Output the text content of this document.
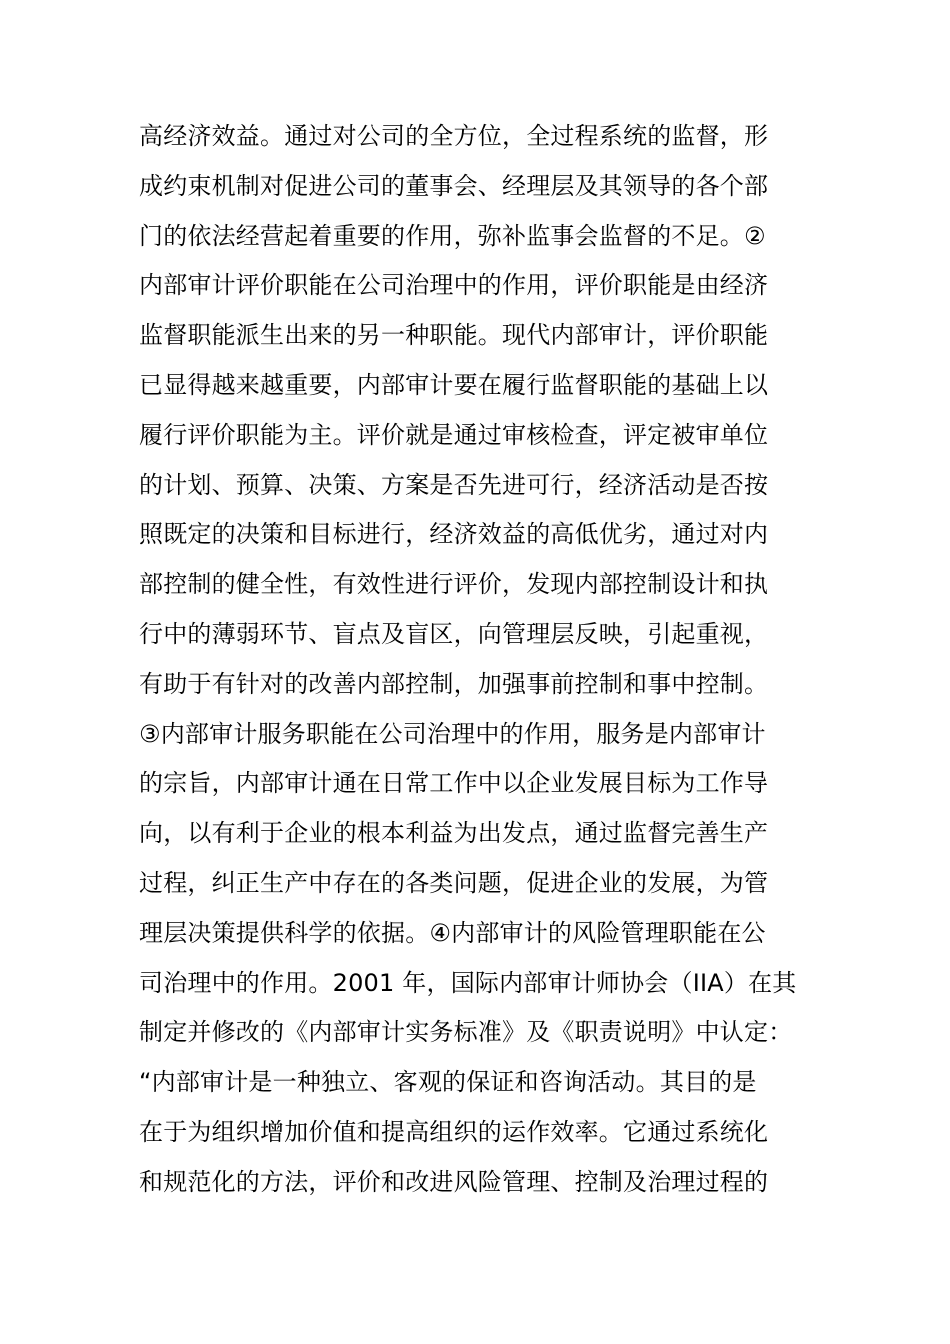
高经济效益。通过对公司的全方位，全过程系统的监督，形
成约束机制对促进公司的董事会、经理层及其领导的各个部
门的依法经营起着重要的作用，弥补监事会监督的不足。②
内部审计评价职能在公司治理中的作用，评价职能是由经济
监督职能派生出来的另一种职能。现代内部审计，评价职能
已显得越来越重要，内部审计要在履行监督职能的基础上以
履行评价职能为主。评价就是通过审核检查，评定被审单位
的计划、预算、决策、方案是否先进可行，经济活动是否按
照既定的决策和目标进行，经济效益的高低优劣，通过对内
部控制的健全性，有效性进行评价，发现内部控制设计和执
行中的薄弱环节、盲点及盲区，向管理层反映，引起重视，
有助于有针对的改善内部控制，加强事前控制和事中控制。
③内部审计服务职能在公司治理中的作用，服务是内部审计
的宗旨，内部审计通在日常工作中以企业发展目标为工作导
向，以有利于企业的根本利益为出发点，通过监督完善生产
过程，纠正生产中存在的各类问题，促进企业的发展，为管
理层决策提供科学的依据。④内部审计的风险管理职能在公
司治理中的作用。2001 年，国际内部审计师协会（IIA）在其
制定并修改的《内部审计实务标准》及《职责说明》中认定：
“内部审计是一种独立、客观的保证和咨询活动。其目的是
在于为组织增加价值和提高组织的运作效率。它通过系统化
和规范化的方法，评价和改进风险管理、控制及治理过程的
